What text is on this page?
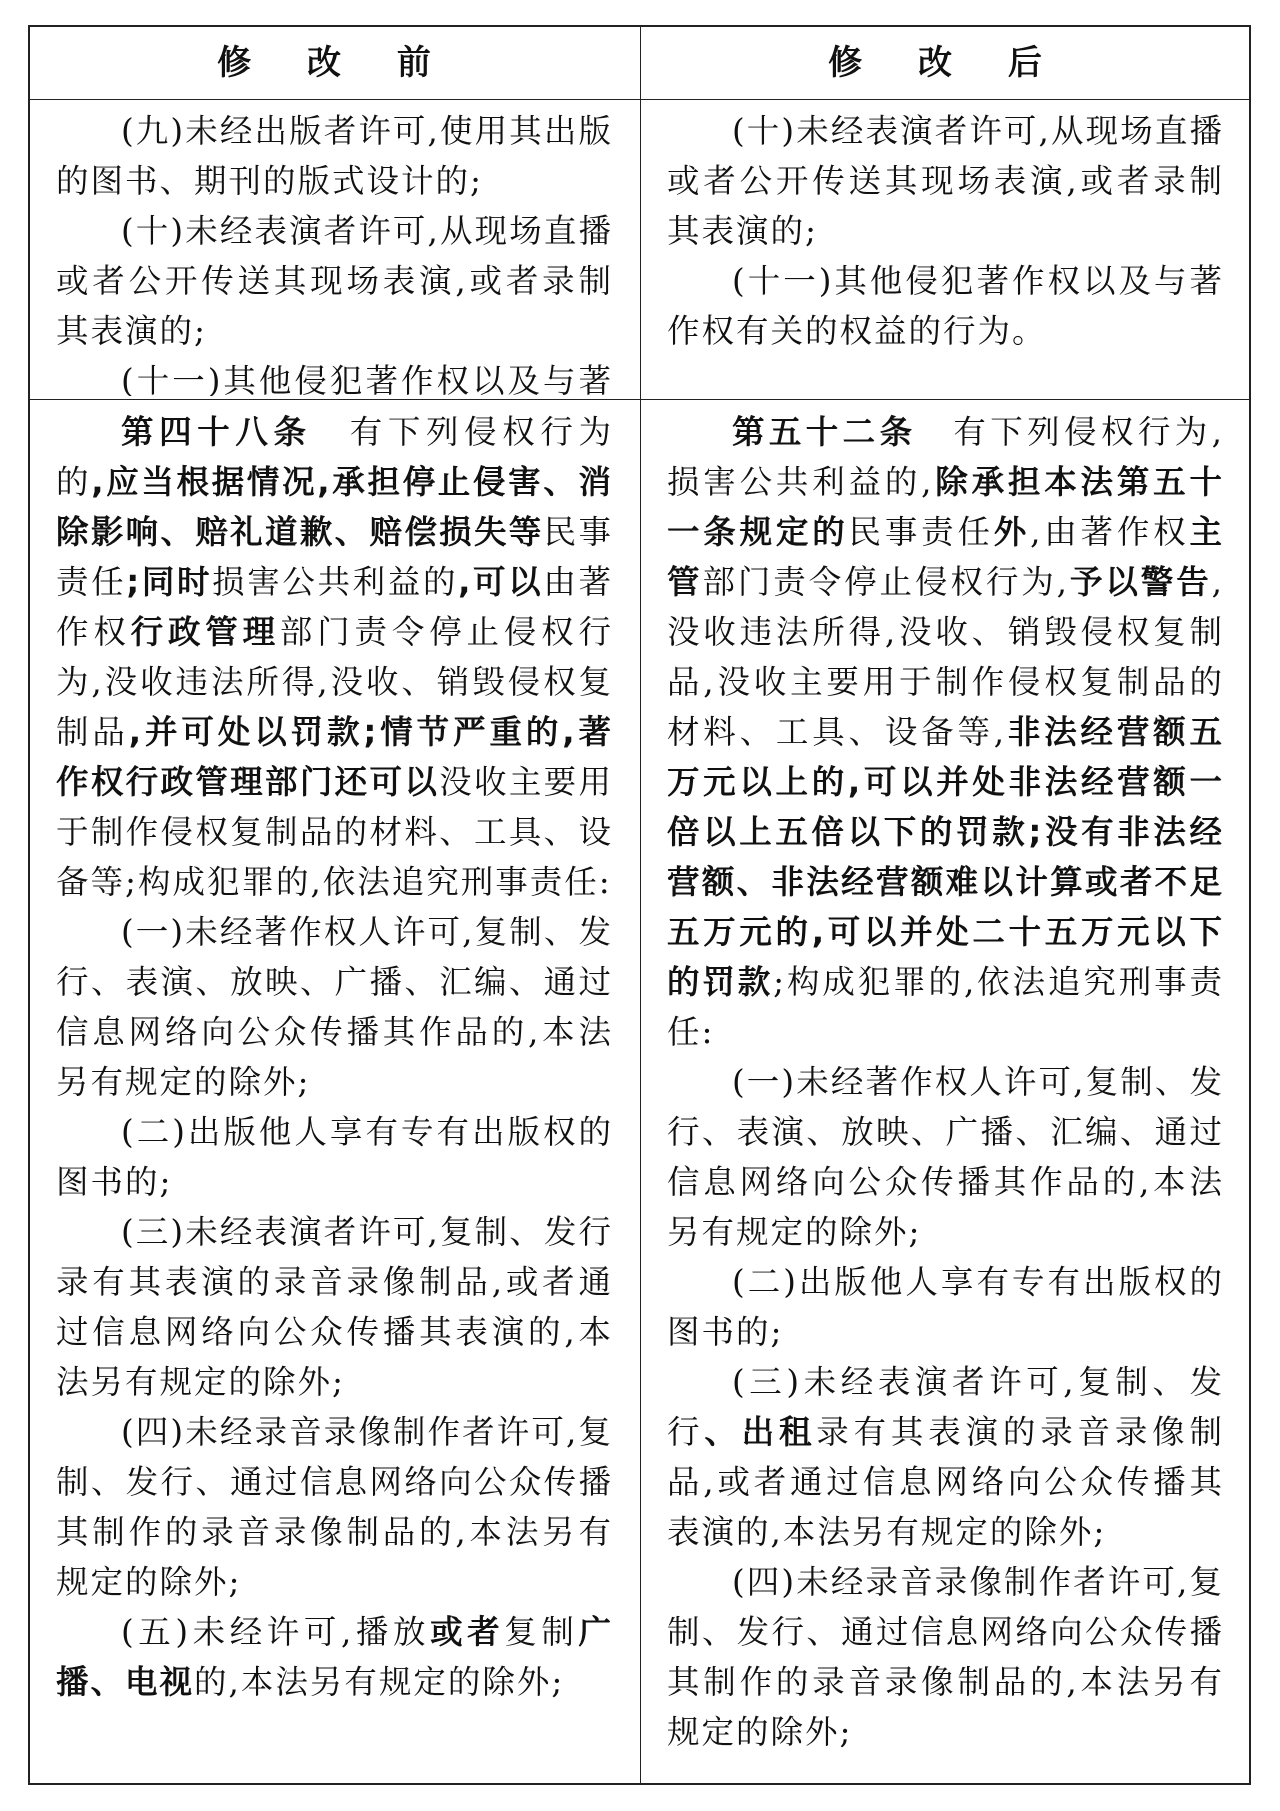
修 改 前	修 改 后

(九)未经出版者许可,使用其出版的图书、期刊的版式设计的;

(十)未经表演者许可,从现场直播或者公开传送其现场表演,或者录制其表演的;

(十一)其他侵犯著作权以及与著

(十)未经表演者许可,从现场直播或者公开传送其现场表演,或者录制其表演的;

(十一)其他侵犯著作权以及与著作权有关的权益的行为。

第四十八条　有下列侵权行为的,应当根据情况,承担停止侵害、消除影响、赔礼道歉、赔偿损失等民事责任;同时损害公共利益的,可以由著作权行政管理部门责令停止侵权行为,没收违法所得,没收、销毁侵权复制品,并可处以罚款;情节严重的,著作权行政管理部门还可以没收主要用于制作侵权复制品的材料、工具、设备等;构成犯罪的,依法追究刑事责任:

(一)未经著作权人许可,复制、发行、表演、放映、广播、汇编、通过信息网络向公众传播其作品的,本法另有规定的除外;

(二)出版他人享有专有出版权的图书的;

(三)未经表演者许可,复制、发行录有其表演的录音录像制品,或者通过信息网络向公众传播其表演的,本法另有规定的除外;

(四)未经录音录像制作者许可,复制、发行、通过信息网络向公众传播其制作的录音录像制品的,本法另有规定的除外;

(五)未经许可,播放或者复制广播、电视的,本法另有规定的除外;

第五十二条　有下列侵权行为,损害公共利益的,除承担本法第五十一条规定的民事责任外,由著作权主管部门责令停止侵权行为,予以警告,没收违法所得,没收、销毁侵权复制品,没收主要用于制作侵权复制品的材料、工具、设备等,非法经营额五万元以上的,可以并处非法经营额一倍以上五倍以下的罚款;没有非法经营额、非法经营额难以计算或者不足五万元的,可以并处二十五万元以下的罚款;构成犯罪的,依法追究刑事责任:

(一)未经著作权人许可,复制、发行、表演、放映、广播、汇编、通过信息网络向公众传播其作品的,本法另有规定的除外;

(二)出版他人享有专有出版权的图书的;

(三)未经表演者许可,复制、发行、出租录有其表演的录音录像制品,或者通过信息网络向公众传播其表演的,本法另有规定的除外;

(四)未经录音录像制作者许可,复制、发行、通过信息网络向公众传播其制作的录音录像制品的,本法另有规定的除外;
